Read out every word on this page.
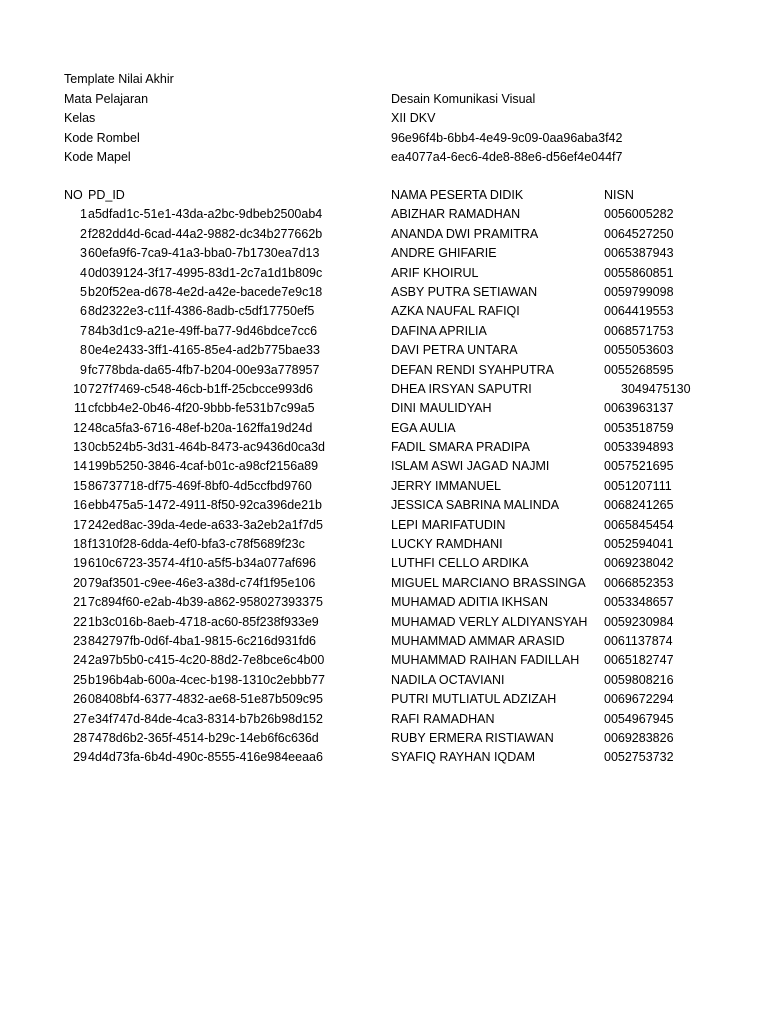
Template Nilai Akhir
Mata Pelajaran	Desain Komunikasi Visual
Kelas	XII DKV
Kode Rombel	96e96f4b-6bb4-4e49-9c09-0aa96aba3f42
Kode Mapel	ea4077a4-6ec6-4de8-88e6-d56ef4e044f7
NO PD_ID	NAMA PESERTA DIDIK	NISN
1 a5dfad1c-51e1-43da-a2bc-9dbeb2500ab4	ABIZHAR RAMADHAN	0056005282
2 f282dd4d-6cad-44a2-9882-dc34b277662b	ANANDA DWI PRAMITRA	0064527250
3 60efa9f6-7ca9-41a3-bba0-7b1730ea7d13	ANDRE GHIFARIE	0065387943
4 0d039124-3f17-4995-83d1-2c7a1d1b809c	ARIF KHOIRUL	0055860851
5 b20f52ea-d678-4e2d-a42e-bacede7e9c18	ASBY PUTRA SETIAWAN	0059799098
6 8d2322e3-c11f-4386-8adb-c5df17750ef5	AZKA NAUFAL RAFIQI	0064419553
7 84b3d1c9-a21e-49ff-ba77-9d46bdce7cc6	DAFINA APRILIA	0068571753
8 0e4e2433-3ff1-4165-85e4-ad2b775bae33	DAVI PETRA UNTARA	0055053603
9 fc778bda-da65-4fb7-b204-00e93a778957	DEFAN RENDI SYAHPUTRA	0055268595
10 727f7469-c548-46cb-b1ff-25cbcce993d6	DHEA IRSYAN SAPUTRI	3049475130
11 cfcbb4e2-0b46-4f20-9bbb-fe531b7c99a5	DINI MAULIDYAH	0063963137
12 48ca5fa3-6716-48ef-b20a-162ffa19d24d	EGA AULIA	0053518759
13 0cb524b5-3d31-464b-8473-ac9436d0ca3d	FADIL SMARA PRADIPA	0053394893
14 199b5250-3846-4caf-b01c-a98cf2156a89	ISLAM ASWI JAGAD NAJMI	0057521695
15 86737718-df75-469f-8bf0-4d5ccfbd9760	JERRY IMMANUEL	0051207111
16 ebb475a5-1472-4911-8f50-92ca396de21b	JESSICA SABRINA MALINDA	0068241265
17 242ed8ac-39da-4ede-a633-3a2eb2a1f7d5	LEPI MARIFATUDIN	0065845454
18 f1310f28-6dda-4ef0-bfa3-c78f5689f23c	LUCKY RAMDHANI	0052594041
19 610c6723-3574-4f10-a5f5-b34a077af696	LUTHFI CELLO ARDIKA	0069238042
20 79af3501-c9ee-46e3-a38d-c74f1f95e106	MIGUEL MARCIANO BRASSINGA 0066852353
21 7c894f60-e2ab-4b39-a862-958027393375	MUHAMAD ADITIA IKHSAN	0053348657
22 1b3c016b-8aeb-4718-ac60-85f238f933e9	MUHAMAD VERLY ALDIYANSYAH 0059230984
23 842797fb-0d6f-4ba1-9815-6c216d931fd6	MUHAMMAD AMMAR ARASID	0061137874
24 2a97b5b0-c415-4c20-88d2-7e8bce6c4b00	MUHAMMAD RAIHAN FADILLAH 0065182747
25 b196b4ab-600a-4cec-b198-1310c2ebbb77	NADILA OCTAVIANI	0059808216
26 08408bf4-6377-4832-ae68-51e87b509c95	PUTRI MUTLIATUL ADZIZAH	0069672294
27 e34f747d-84de-4ca3-8314-b7b26b98d152	RAFI RAMADHAN	0054967945
28 7478d6b2-365f-4514-b29c-14eb6f6c636d	RUBY ERMERA RISTIAWAN	0069283826
29 4d4d73fa-6b4d-490c-8555-416e984eeaa6	SYAFIQ RAYHAN IQDAM	0052753732
